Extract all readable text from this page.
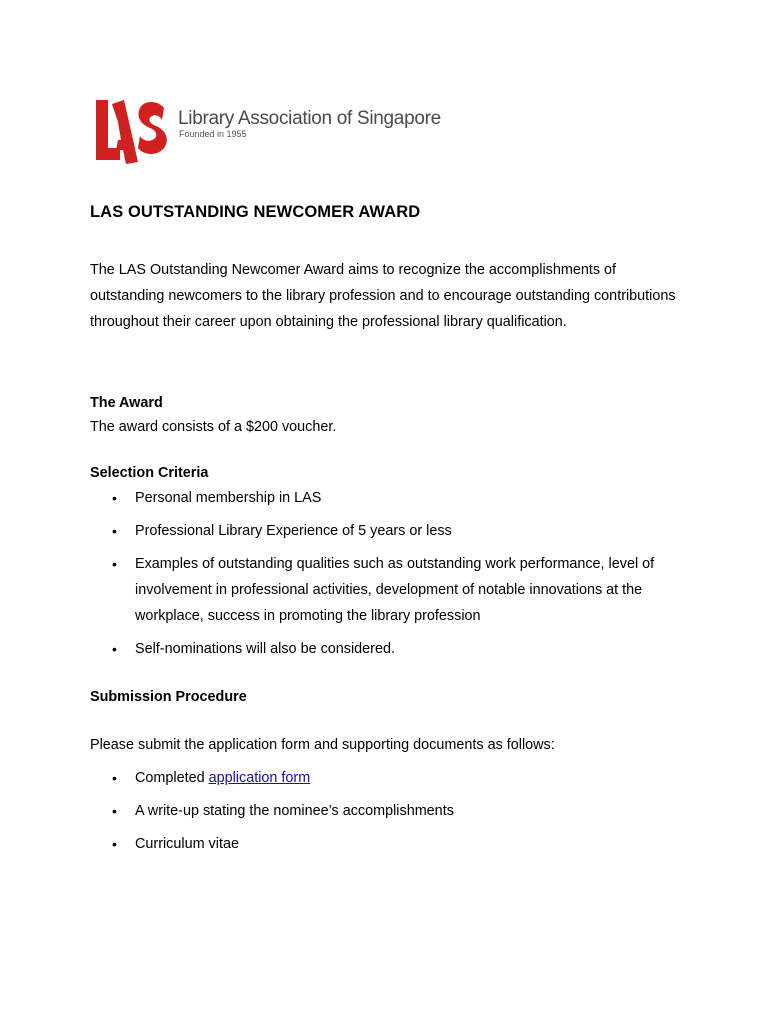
Library Association of Singapore
Founded in 1955
LAS OUTSTANDING NEWCOMER AWARD

The LAS Outstanding Newcomer Award aims to recognize the accomplishments of outstanding newcomers to the library profession and to encourage outstanding contributions throughout their career upon obtaining the professional library qualification.

The Award
The award consists of a $200 voucher.
Selection Criteria
• Personal membership in LAS
• Professional Library Experience of 5 years or less
• Examples of outstanding qualities such as outstanding work performance, level of involvement in professional activities, development of notable innovations at the workplace, success in promoting the library profession
• Self-nominations will also be considered.
Submission Procedure
Please submit the application form and supporting documents as follows:
• Completed application form
• A write-up stating the nominee’s accomplishments
• Curriculum vitae
